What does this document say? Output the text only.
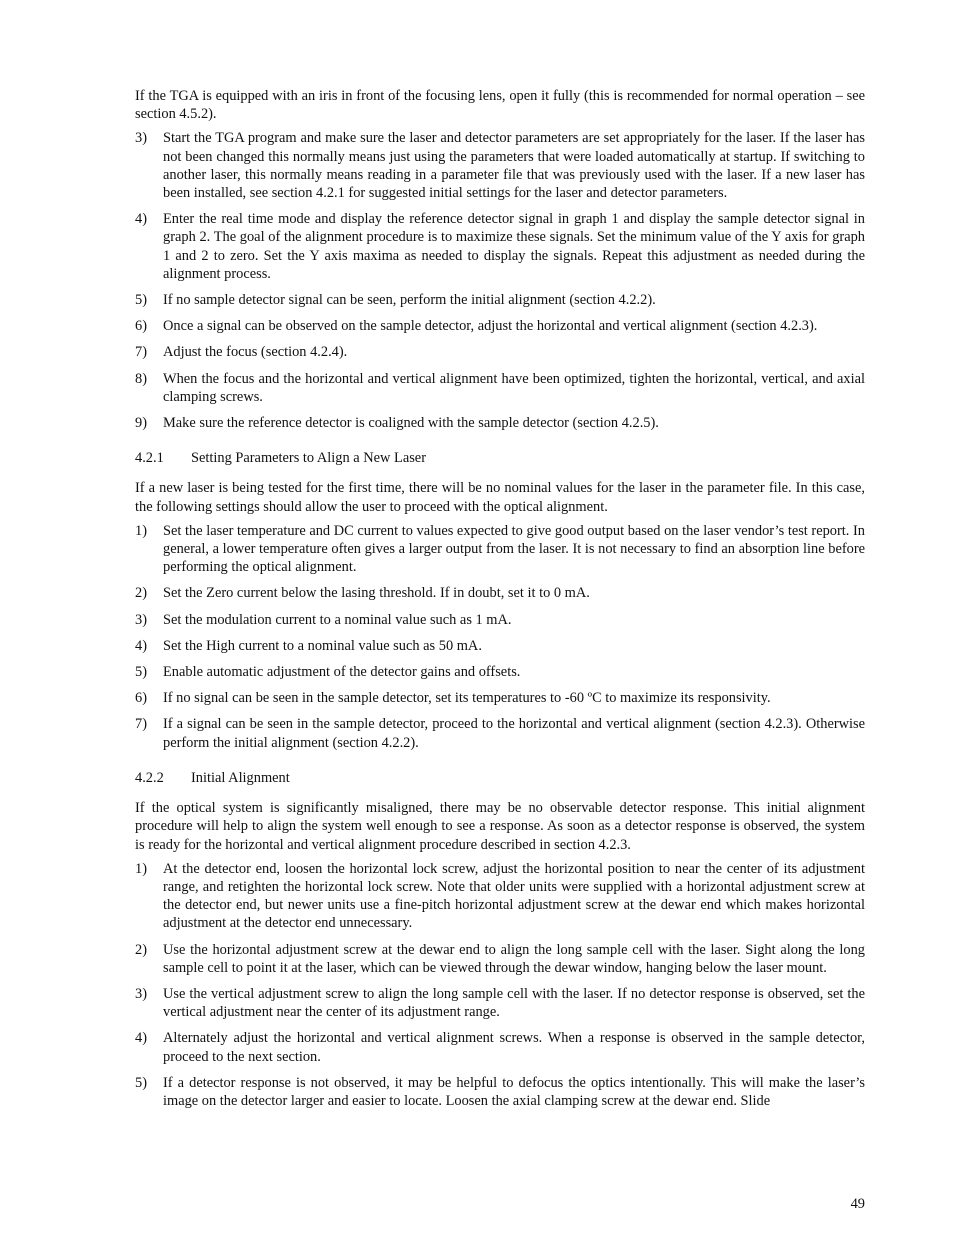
If the TGA is equipped with an iris in front of the focusing lens, open it fully (this is recommended for normal operation – see section 4.5.2).

3) Start the TGA program and make sure the laser and detector parameters are set appropriately for the laser. If the laser has not been changed this normally means just using the parameters that were loaded automatically at startup. If switching to another laser, this normally means reading in a parameter file that was previously used with the laser. If a new laser has been installed, see section 4.2.1 for suggested initial settings for the laser and detector parameters.
4) Enter the real time mode and display the reference detector signal in graph 1 and display the sample detector signal in graph 2. The goal of the alignment procedure is to maximize these signals. Set the minimum value of the Y axis for graph 1 and 2 to zero. Set the Y axis maxima as needed to display the signals. Repeat this adjustment as needed during the alignment process.
5) If no sample detector signal can be seen, perform the initial alignment (section 4.2.2).
6) Once a signal can be observed on the sample detector, adjust the horizontal and vertical alignment (section 4.2.3).
7) Adjust the focus (section 4.2.4).
8) When the focus and the horizontal and vertical alignment have been optimized, tighten the horizontal, vertical, and axial clamping screws.
9) Make sure the reference detector is coaligned with the sample detector (section 4.2.5).
4.2.1	Setting Parameters to Align a New Laser

If a new laser is being tested for the first time, there will be no nominal values for the laser in the parameter file. In this case, the following settings should allow the user to proceed with the optical alignment.

1) Set the laser temperature and DC current to values expected to give good output based on the laser vendor’s test report. In general, a lower temperature often gives a larger output from the laser. It is not necessary to find an absorption line before performing the optical alignment.
2) Set the Zero current below the lasing threshold. If in doubt, set it to 0 mA.
3) Set the modulation current to a nominal value such as 1 mA.
4) Set the High current to a nominal value such as 50 mA.
5) Enable automatic adjustment of the detector gains and offsets.
6) If no signal can be seen in the sample detector, set its temperatures to -60 ºC to maximize its responsivity.
7) If a signal can be seen in the sample detector, proceed to the horizontal and vertical alignment (section 4.2.3). Otherwise perform the initial alignment (section 4.2.2).
4.2.2	Initial Alignment

If the optical system is significantly misaligned, there may be no observable detector response. This initial alignment procedure will help to align the system well enough to see a response. As soon as a detector response is observed, the system is ready for the horizontal and vertical alignment procedure described in section 4.2.3.

1) At the detector end, loosen the horizontal lock screw, adjust the horizontal position to near the center of its adjustment range, and retighten the horizontal lock screw. Note that older units were supplied with a horizontal adjustment screw at the detector end, but newer units use a fine-pitch horizontal adjustment screw at the dewar end which makes horizontal adjustment at the detector end unnecessary.
2) Use the horizontal adjustment screw at the dewar end to align the long sample cell with the laser. Sight along the long sample cell to point it at the laser, which can be viewed through the dewar window, hanging below the laser mount.
3) Use the vertical adjustment screw to align the long sample cell with the laser. If no detector response is observed, set the vertical adjustment near the center of its adjustment range.
4) Alternately adjust the horizontal and vertical alignment screws. When a response is observed in the sample detector, proceed to the next section.
5) If a detector response is not observed, it may be helpful to defocus the optics intentionally. This will make the laser’s image on the detector larger and easier to locate. Loosen the axial clamping screw at the dewar end. Slide
49
